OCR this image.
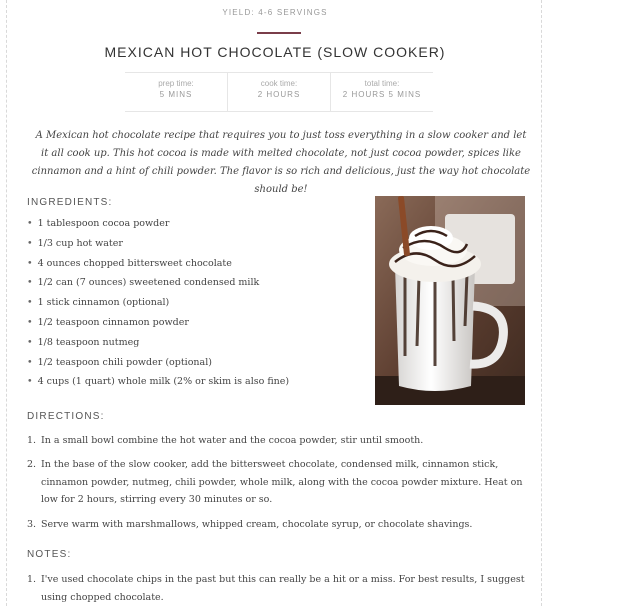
YIELD: 4-6 SERVINGS
MEXICAN HOT CHOCOLATE (SLOW COOKER)
prep time:
5 MINS
cook time:
2 HOURS
total time:
2 HOURS 5 MINS
A Mexican hot chocolate recipe that requires you to just toss everything in a slow cooker and let it all cook up. This hot cocoa is made with melted chocolate, not just cocoa powder, spices like cinnamon and a hint of chili powder. The flavor is so rich and delicious, just the way hot chocolate should be!
INGREDIENTS:
• 1 tablespoon cocoa powder
• 1/3 cup hot water
• 4 ounces chopped bittersweet chocolate
• 1/2 can (7 ounces) sweetened condensed milk
• 1 stick cinnamon (optional)
• 1/2 teaspoon cinnamon powder
• 1/8 teaspoon nutmeg
• 1/2 teaspoon chili powder (optional)
• 4 cups (1 quart) whole milk (2% or skim is also fine)
DIRECTIONS:
1. In a small bowl combine the hot water and the cocoa powder, stir until smooth.
2. In the base of the slow cooker, add the bittersweet chocolate, condensed milk, cinnamon stick, cinnamon powder, nutmeg, chili powder, whole milk, along with the cocoa powder mixture. Heat on low for 2 hours, stirring every 30 minutes or so.
3. Serve warm with marshmallows, whipped cream, chocolate syrup, or chocolate shavings.
NOTES:
1. I've used chocolate chips in the past but this can really be a hit or a miss. For best results, I suggest using chopped chocolate.
